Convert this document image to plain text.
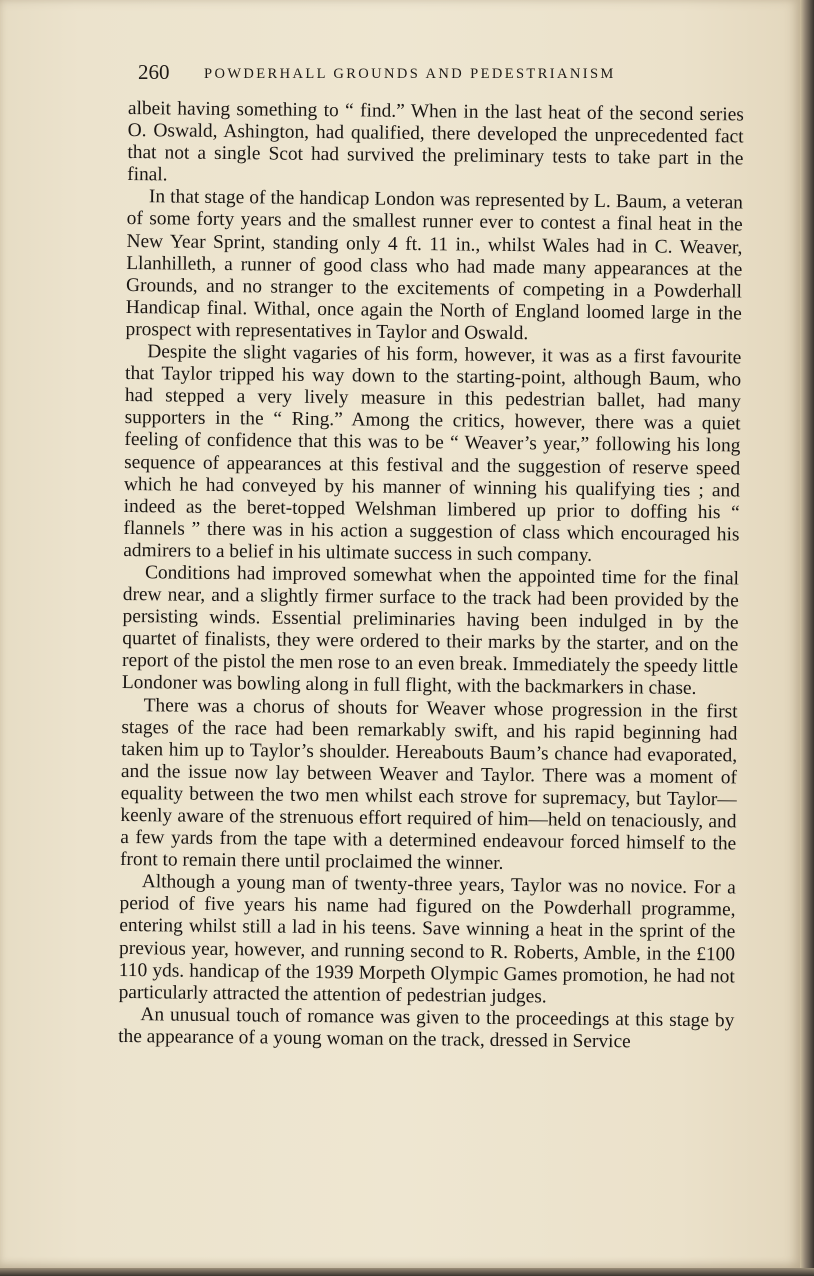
260 POWDERHALL GROUNDS AND PEDESTRIANISM

albeit having something to “ find.” When in the last heat of the second series O. Oswald, Ashington, had qualified, there developed the unprecedented fact that not a single Scot had survived the preliminary tests to take part in the final.

In that stage of the handicap London was represented by L. Baum, a veteran of some forty years and the smallest runner ever to contest a final heat in the New Year Sprint, standing only 4 ft. 11 in., whilst Wales had in C. Weaver, Llanhilleth, a runner of good class who had made many appearances at the Grounds, and no stranger to the excitements of competing in a Powderhall Handicap final. Withal, once again the North of England loomed large in the prospect with representatives in Taylor and Oswald.

Despite the slight vagaries of his form, however, it was as a first favourite that Taylor tripped his way down to the starting-point, although Baum, who had stepped a very lively measure in this pedestrian ballet, had many supporters in the “ Ring.” Among the critics, however, there was a quiet feeling of confidence that this was to be “ Weaver’s year,” following his long sequence of appearances at this festival and the suggestion of reserve speed which he had conveyed by his manner of winning his qualifying ties ; and indeed as the beret-topped Welshman limbered up prior to doffing his “ flannels ” there was in his action a suggestion of class which encouraged his admirers to a belief in his ultimate success in such company.

Conditions had improved somewhat when the appointed time for the final drew near, and a slightly firmer surface to the track had been provided by the persisting winds. Essential preliminaries having been indulged in by the quartet of finalists, they were ordered to their marks by the starter, and on the report of the pistol the men rose to an even break. Immediately the speedy little Londoner was bowling along in full flight, with the backmarkers in chase.

There was a chorus of shouts for Weaver whose progression in the first stages of the race had been remarkably swift, and his rapid beginning had taken him up to Taylor’s shoulder. Hereabouts Baum’s chance had evaporated, and the issue now lay between Weaver and Taylor. There was a moment of equality between the two men whilst each strove for supremacy, but Taylor—keenly aware of the strenuous effort required of him—held on tenaciously, and a few yards from the tape with a determined endeavour forced himself to the front to remain there until proclaimed the winner.

Although a young man of twenty-three years, Taylor was no novice. For a period of five years his name had figured on the Powderhall programme, entering whilst still a lad in his teens. Save winning a heat in the sprint of the previous year, however, and running second to R. Roberts, Amble, in the £100 110 yds. handicap of the 1939 Morpeth Olympic Games promotion, he had not particularly attracted the attention of pedestrian judges.

An unusual touch of romance was given to the proceedings at this stage by the appearance of a young woman on the track, dressed in Service
